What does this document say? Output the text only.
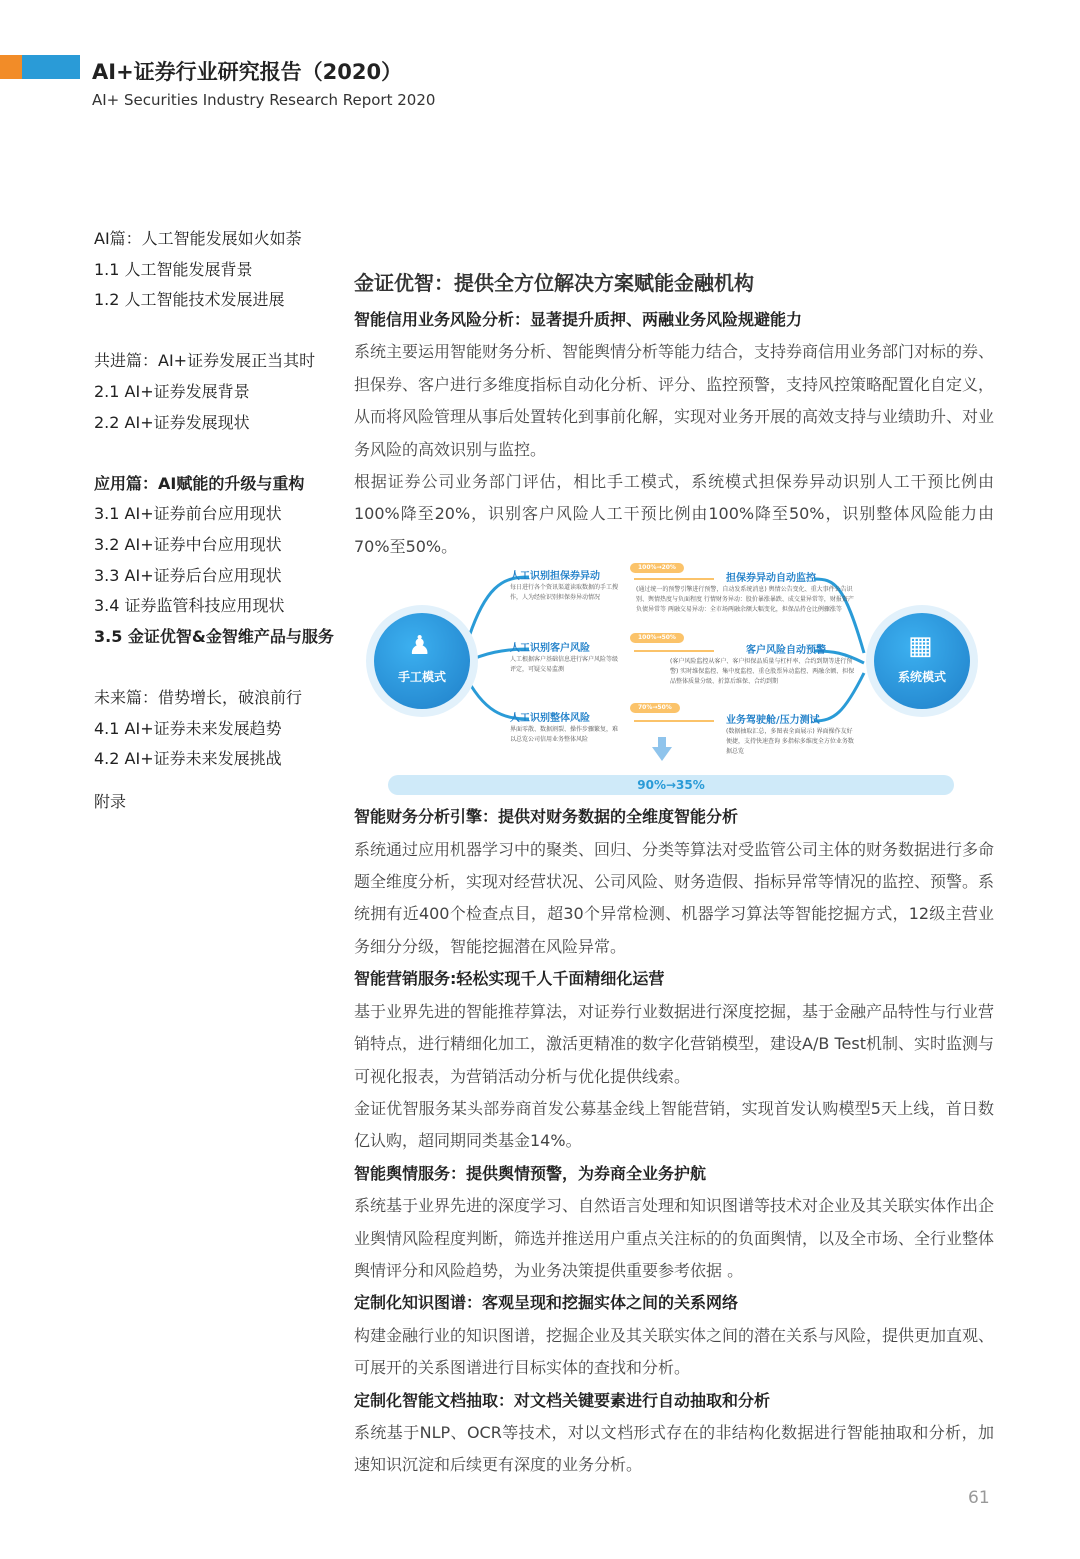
AI+证券行业研究报告（2020）
AI+ Securities Industry Research Report 2020
AI篇：人工智能发展如火如荼
1.1 人工智能发展背景
1.2 人工智能技术发展进展
共进篇：AI+证券发展正当其时
2.1 AI+证券发展背景
2.2 AI+证券发展现状
应用篇：AI赋能的升级与重构
3.1 AI+证券前台应用现状
3.2 AI+证券中台应用现状
3.3 AI+证券后台应用现状
3.4 证券监管科技应用现状
3.5 金证优智&金智维产品与服务
未来篇：借势增长，破浪前行
4.1 AI+证券未来发展趋势
4.2 AI+证券未来发展挑战
附录
金证优智：提供全方位解决方案赋能金融机构
智能信用业务风险分析：显著提升质押、两融业务风险规避能力
系统主要运用智能财务分析、智能舆情分析等能力结合，支持券商信用业务部门对标的券、担保券、客户进行多维度指标自动化分析、评分、监控预警，支持风控策略配置化自定义，从而将风险管理从事后处置转化到事前化解，实现对业务开展的高效支持与业绩助升、对业务风险的高效识别与监控。
根据证券公司业务部门评估，相比手工模式，系统模式担保券异动识别人工干预比例由100%降至20%，识别客户风险人工干预比例由100%降至50%，识别整体风险能力由70%至50%。
♟
手工模式
▦
系统模式
人工识别担保券异动
每日进行各个资讯渠道读取数据的手工搜作，人为经验识别担保券异动情况
100%→20%
担保券异动自动监控
(通过统一的预警引擎进行预警，自动发系统消息) 舆情公告变化、重大事件公告识别、舆情热度与负面程度 行情财务异动：股价暴涨暴跌、成交量异常等，财报资产负债异常等 两融交易异动：全市场两融余额大幅变化，担保品持仓比例骤涨等
人工识别客户风险
人工根据客户基础信息进行客户风险等级评定，可疑交易监测
100%→50%
客户风险自动预警
(客户风险监控从客户、客户担保品质量与杠杆率、合约到期等进行预警) 实时维保监控、集中度监控、重仓股票异动监控、两融余额、担保品整体质量分级、折算后维保、合约到期
人工识别整体风险
界面零散、数据割裂、操作步骤繁复，难以总览公司信用业务整体风险
70%→50%
业务驾驶舱/压力测试
(数据抽取汇总，多图表全面展示) 界面操作友好便捷，支持快速查询 多指标多维度全方位业务数据总览
90%→35%
智能财务分析引擎：提供对财务数据的全维度智能分析
系统通过应用机器学习中的聚类、回归、分类等算法对受监管公司主体的财务数据进行多命题全维度分析，实现对经营状况、公司风险、财务造假、指标异常等情况的监控、预警。系统拥有近400个检查点目，超30个异常检测、机器学习算法等智能挖掘方式，12级主营业务细分分级，智能挖掘潜在风险异常。
智能营销服务:轻松实现千人千面精细化运营
基于业界先进的智能推荐算法，对证券行业数据进行深度挖掘，基于金融产品特性与行业营销特点，进行精细化加工，激活更精准的数字化营销模型，建设A/B Test机制、实时监测与可视化报表，为营销活动分析与优化提供线索。
金证优智服务某头部券商首发公募基金线上智能营销，实现首发认购模型5天上线，首日数亿认购，超同期同类基金14%。
智能舆情服务：提供舆情预警，为券商全业务护航
系统基于业界先进的深度学习、自然语言处理和知识图谱等技术对企业及其关联实体作出企业舆情风险程度判断，筛选并推送用户重点关注标的的负面舆情，以及全市场、全行业整体舆情评分和风险趋势，为业务决策提供重要参考依据 。
定制化知识图谱：客观呈现和挖掘实体之间的关系网络
构建金融行业的知识图谱，挖掘企业及其关联实体之间的潜在关系与风险，提供更加直观、可展开的关系图谱进行目标实体的查找和分析。
定制化智能文档抽取：对文档关键要素进行自动抽取和分析
系统基于NLP、OCR等技术，对以文档形式存在的非结构化数据进行智能抽取和分析，加速知识沉淀和后续更有深度的业务分析。
61
